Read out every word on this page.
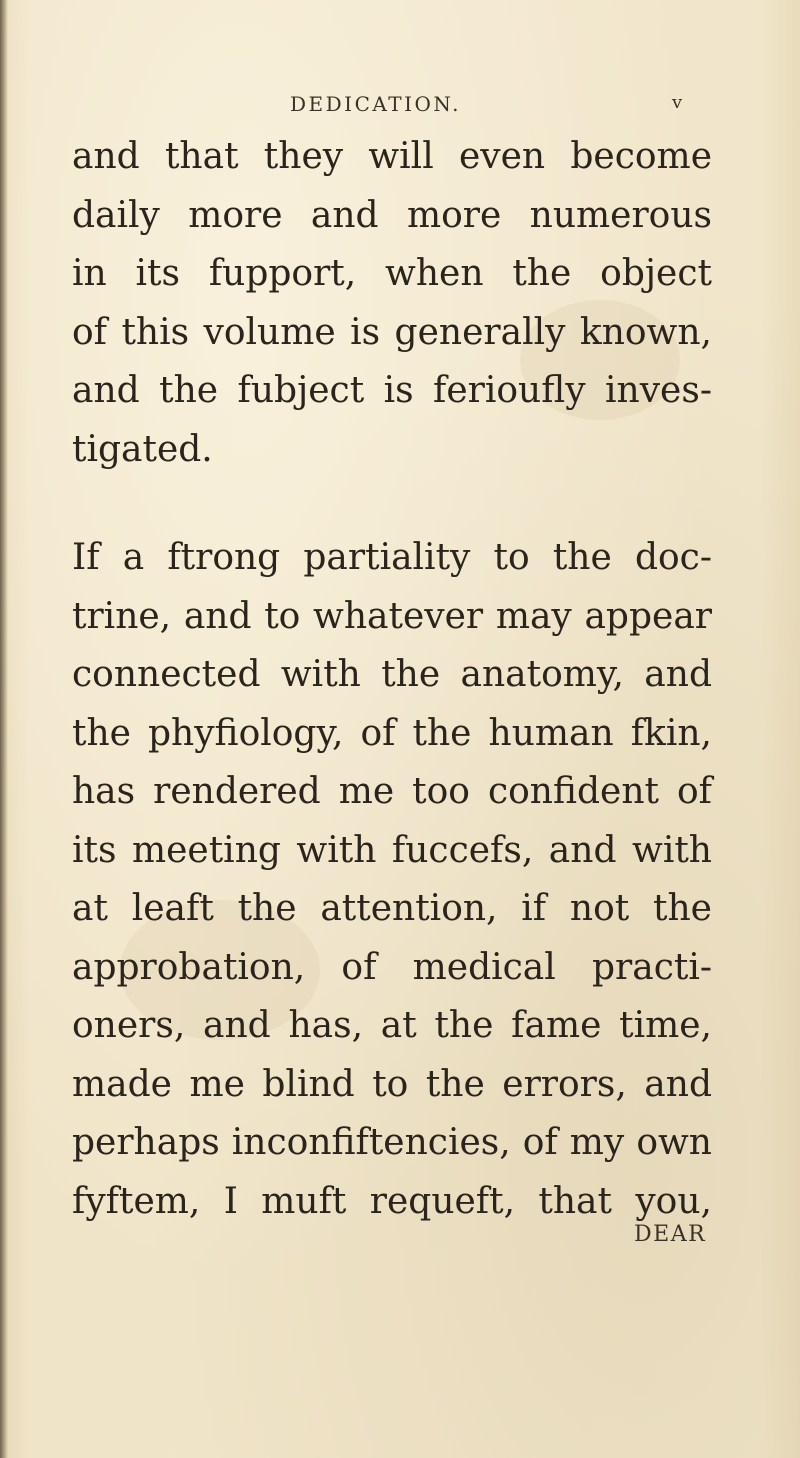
DEDICATION.	v
and that they will even become
daily more and more numerous
in its fupport, when the object
of this volume is generally known,
and the fubject is ferioufly inves-
tigated.
If a ftrong partiality to the doc-
trine, and to whatever may appear
connected with the anatomy, and
the phyfiology, of the human fkin,
has rendered me too confident of
its meeting with fuccefs, and with
at leaft the attention, if not the
approbation, of medical practi-
oners, and has, at the fame time,
made me blind to the errors, and
perhaps inconfiftencies, of my own
fyftem, I muft requeft, that you,
DEAR
